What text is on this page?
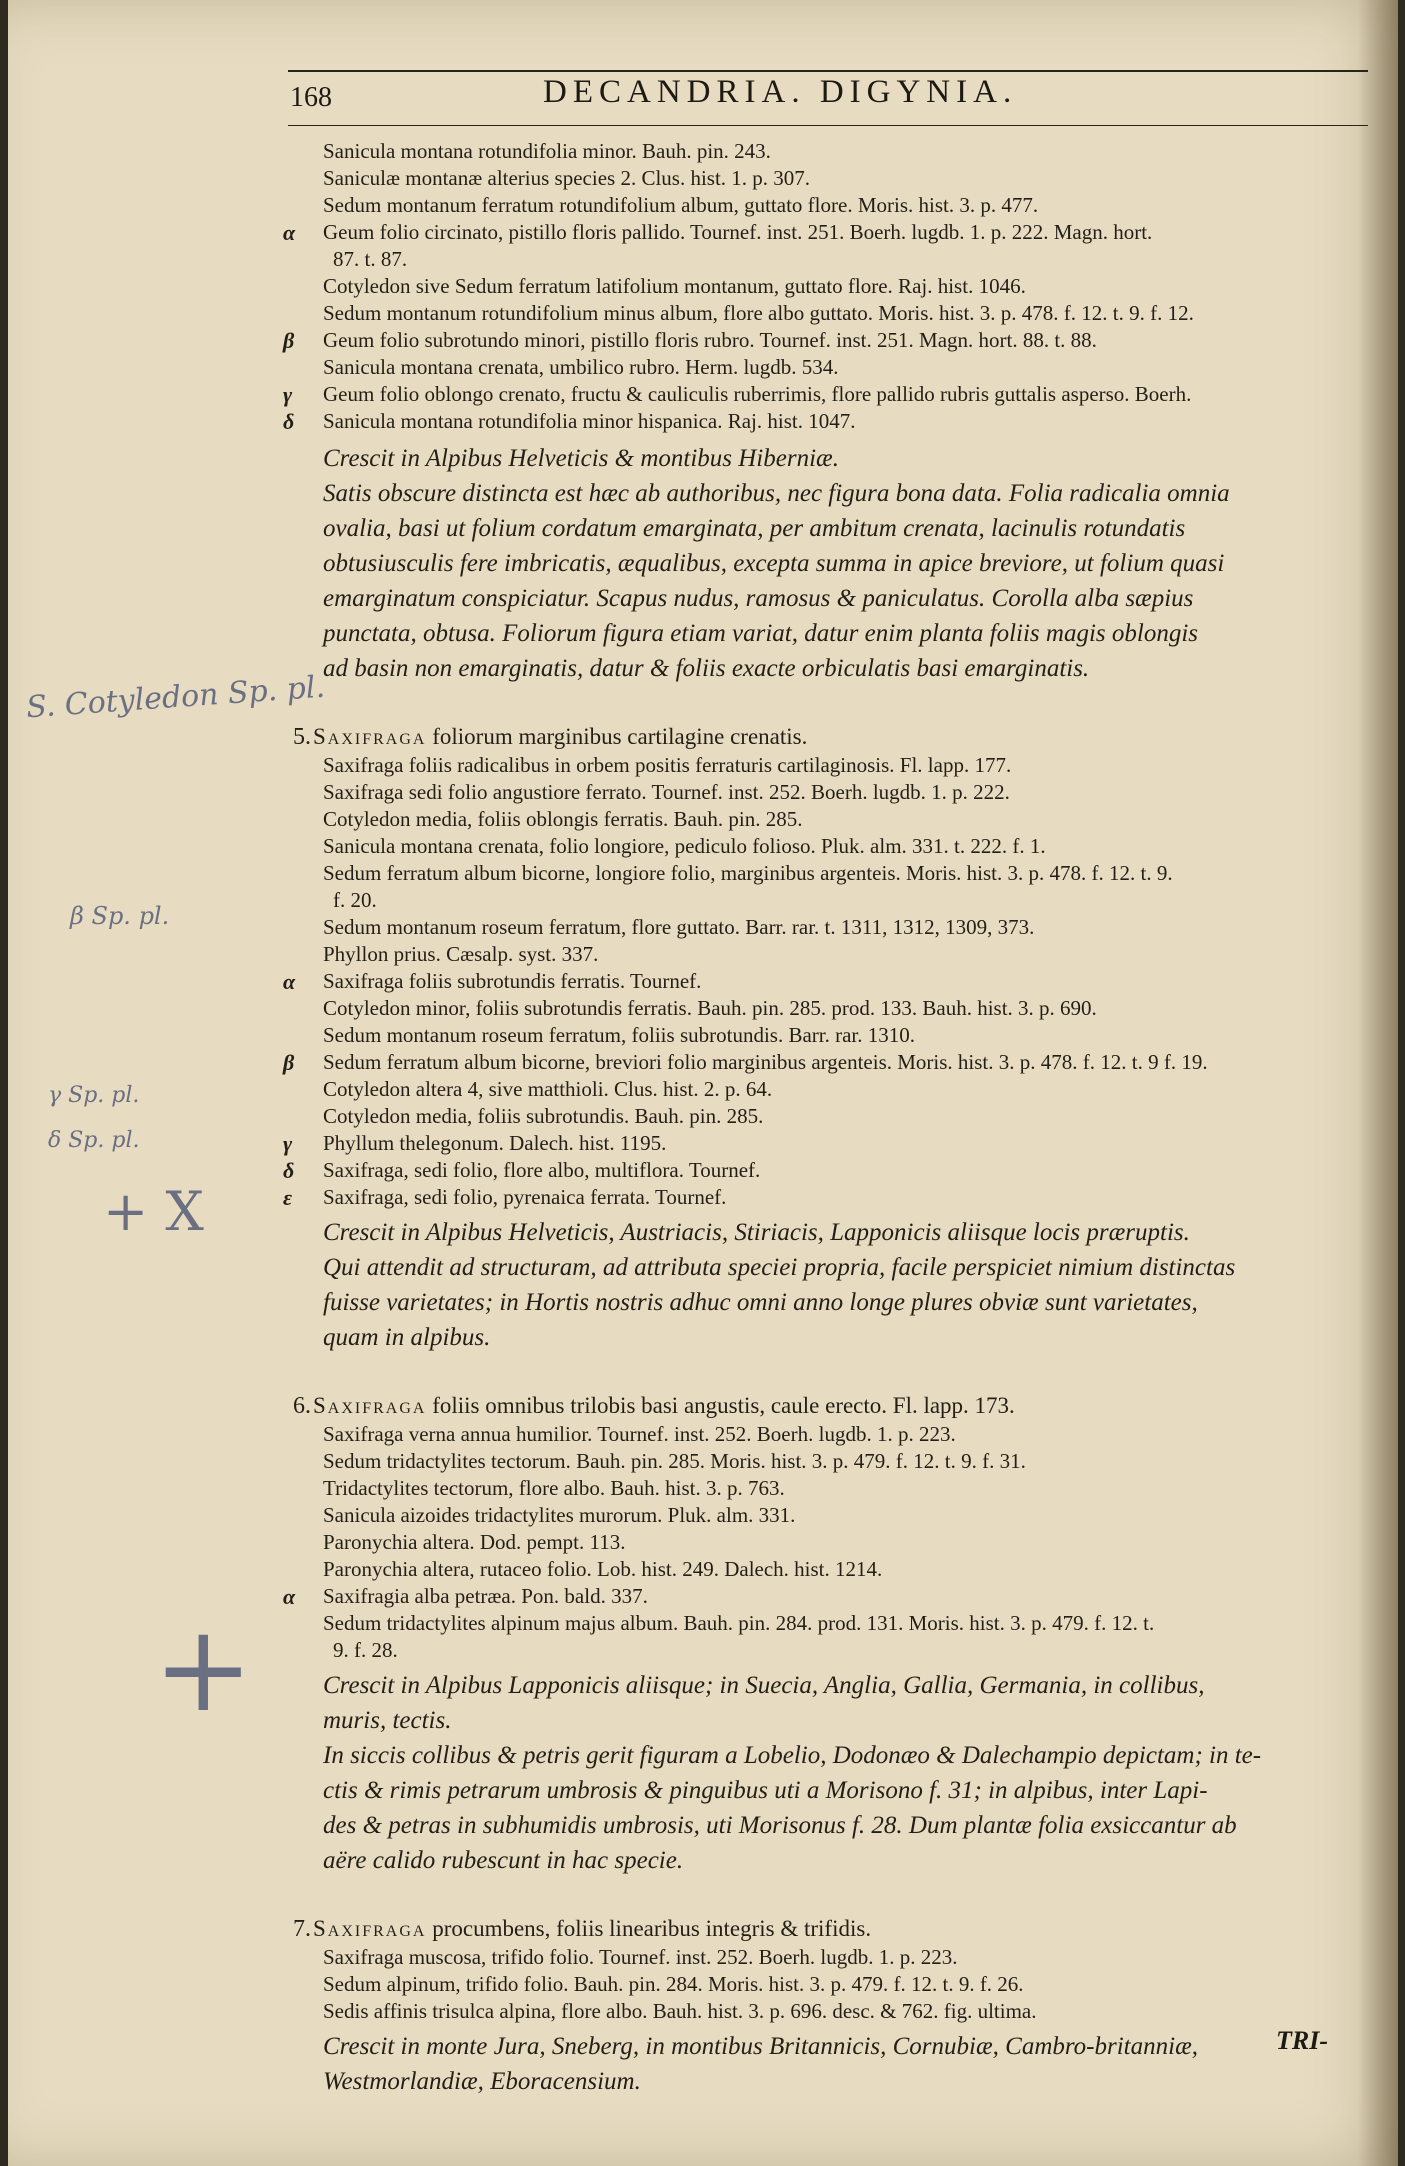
168	DECANDRIA. DIGYNIA.
S. Cotyledon Sp. pl.
β Sp. pl.
γ Sp. pl.
δ Sp. pl.
+ X
+
Sanicula montana rotundifolia minor. Bauh. pin. 243.
Saniculæ montanæ alterius species 2. Clus. hist. 1. p. 307.
Sedum montanum ferratum rotundifolium album, guttato flore. Moris. hist. 3. p. 477.
α Geum folio circinato, pistillo floris pallido. Tournef. inst. 251. Boerh. lugdb. 1. p. 222. Magn. hort.
87. t. 87.
Cotyledon sive Sedum ferratum latifolium montanum, guttato flore. Raj. hist. 1046.
Sedum montanum rotundifolium minus album, flore albo guttato. Moris. hist. 3. p. 478. f. 12. t. 9. f. 12.
β Geum folio subrotundo minori, pistillo floris rubro. Tournef. inst. 251. Magn. hort. 88. t. 88.
Sanicula montana crenata, umbilico rubro. Herm. lugdb. 534.
γ Geum folio oblongo crenato, fructu & cauliculis ruberrimis, flore pallido rubris guttalis asperso. Boerh.
δ Sanicula montana rotundifolia minor hispanica. Raj. hist. 1047.
Crescit in Alpibus Helveticis & montibus Hiberniæ.
Satis obscure distincta est hæc ab authoribus, nec figura bona data. Folia radicalia omnia
ovalia, basi ut folium cordatum emarginata, per ambitum crenata, lacinulis rotundatis
obtusiusculis fere imbricatis, æqualibus, excepta summa in apice breviore, ut folium quasi
emarginatum conspiciatur. Scapus nudus, ramosus & paniculatus. Corolla alba sæpius
punctata, obtusa. Foliorum figura etiam variat, datur enim planta foliis magis oblongis
ad basin non emarginatis, datur & foliis exacte orbiculatis basi emarginatis.
5. Saxifraga foliorum marginibus cartilagine crenatis.
Saxifraga foliis radicalibus in orbem positis ferraturis cartilaginosis. Fl. lapp. 177.
Saxifraga sedi folio angustiore ferrato. Tournef. inst. 252. Boerh. lugdb. 1. p. 222.
Cotyledon media, foliis oblongis ferratis. Bauh. pin. 285.
Sanicula montana crenata, folio longiore, pediculo folioso. Pluk. alm. 331. t. 222. f. 1.
Sedum ferratum album bicorne, longiore folio, marginibus argenteis. Moris. hist. 3. p. 478. f. 12. t. 9.
f. 20.
Sedum montanum roseum ferratum, flore guttato. Barr. rar. t. 1311, 1312, 1309, 373.
Phyllon prius. Cæsalp. syst. 337.
α Saxifraga foliis subrotundis ferratis. Tournef.
Cotyledon minor, foliis subrotundis ferratis. Bauh. pin. 285. prod. 133. Bauh. hist. 3. p. 690.
Sedum montanum roseum ferratum, foliis subrotundis. Barr. rar. 1310.
β Sedum ferratum album bicorne, breviori folio marginibus argenteis. Moris. hist. 3. p. 478. f. 12. t. 9 f. 19.
Cotyledon altera 4, sive matthioli. Clus. hist. 2. p. 64.
Cotyledon media, foliis subrotundis. Bauh. pin. 285.
γ Phyllum thelegonum. Dalech. hist. 1195.
δ Saxifraga, sedi folio, flore albo, multiflora. Tournef.
ε Saxifraga, sedi folio, pyrenaica ferrata. Tournef.
Crescit in Alpibus Helveticis, Austriacis, Stiriacis, Lapponicis aliisque locis præruptis.
Qui attendit ad structuram, ad attributa speciei propria, facile perspiciet nimium distinctas
fuisse varietates; in Hortis nostris adhuc omni anno longe plures obviæ sunt varietates,
quam in alpibus.
6. Saxifraga foliis omnibus trilobis basi angustis, caule erecto. Fl. lapp. 173.
Saxifraga verna annua humilior. Tournef. inst. 252. Boerh. lugdb. 1. p. 223.
Sedum tridactylites tectorum. Bauh. pin. 285. Moris. hist. 3. p. 479. f. 12. t. 9. f. 31.
Tridactylites tectorum, flore albo. Bauh. hist. 3. p. 763.
Sanicula aizoides tridactylites murorum. Pluk. alm. 331.
Paronychia altera. Dod. pempt. 113.
Paronychia altera, rutaceo folio. Lob. hist. 249. Dalech. hist. 1214.
α Saxifragia alba petræa. Pon. bald. 337.
Sedum tridactylites alpinum majus album. Bauh. pin. 284. prod. 131. Moris. hist. 3. p. 479. f. 12. t.
9. f. 28.
Crescit in Alpibus Lapponicis aliisque; in Suecia, Anglia, Gallia, Germania, in collibus,
muris, tectis.
In siccis collibus & petris gerit figuram a Lobelio, Dodonæo & Dalechampio depictam; in te-
ctis & rimis petrarum umbrosis & pinguibus uti a Morisono f. 31; in alpibus, inter Lapi-
des & petras in subhumidis umbrosis, uti Morisonus f. 28. Dum plantæ folia exsiccantur ab
aëre calido rubescunt in hac specie.
7. Saxifraga procumbens, foliis linearibus integris & trifidis.
Saxifraga muscosa, trifido folio. Tournef. inst. 252. Boerh. lugdb. 1. p. 223.
Sedum alpinum, trifido folio. Bauh. pin. 284. Moris. hist. 3. p. 479. f. 12. t. 9. f. 26.
Sedis affinis trisulca alpina, flore albo. Bauh. hist. 3. p. 696. desc. & 762. fig. ultima.
Crescit in monte Jura, Sneberg, in montibus Britannicis, Cornubiæ, Cambro-britanniæ,
Westmorlandiæ, Eboracensium.
TRI-
